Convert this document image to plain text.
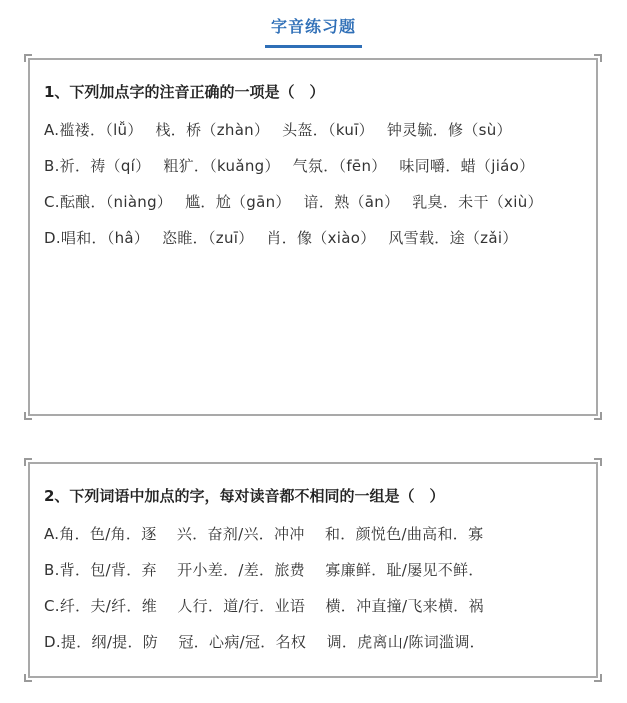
字音练习题

1、下列加点字的注音正确的一项是（　）

A.褴褛．（lǚ）　 栈．桥（zhàn）　 头盔．（kuī）　 钟灵毓．修（sù）

B.祈．祷（qí）　 粗犷．（kuǎng）　 气氛．（fēn）　 味同嚼．蜡（jiáo）

C.酝酿．（niàng）　 尴．尬（gān）　 谙．熟（ān）　 乳臭．未干（xiù）

D.唱和．（hâ）　 恣睢．（zuī）　 肖．像（xiào）　 风雪载．途（zǎi）

2、下列词语中加点的字，每对读音都不相同的一组是（　）

A.角．色/角．逐　 兴．奋剂/兴．冲冲　 和．颜悦色/曲高和．寡

B.背．包/背．弃　 开小差．/差．旅费　 寡廉鲜．耻/屡见不鲜．

C.纤．夫/纤．维　 人行．道/行．业语　 横．冲直撞/飞来横．祸

D.提．纲/提．防　 冠．心病/冠．名权　 调．虎离山/陈词滥调．
